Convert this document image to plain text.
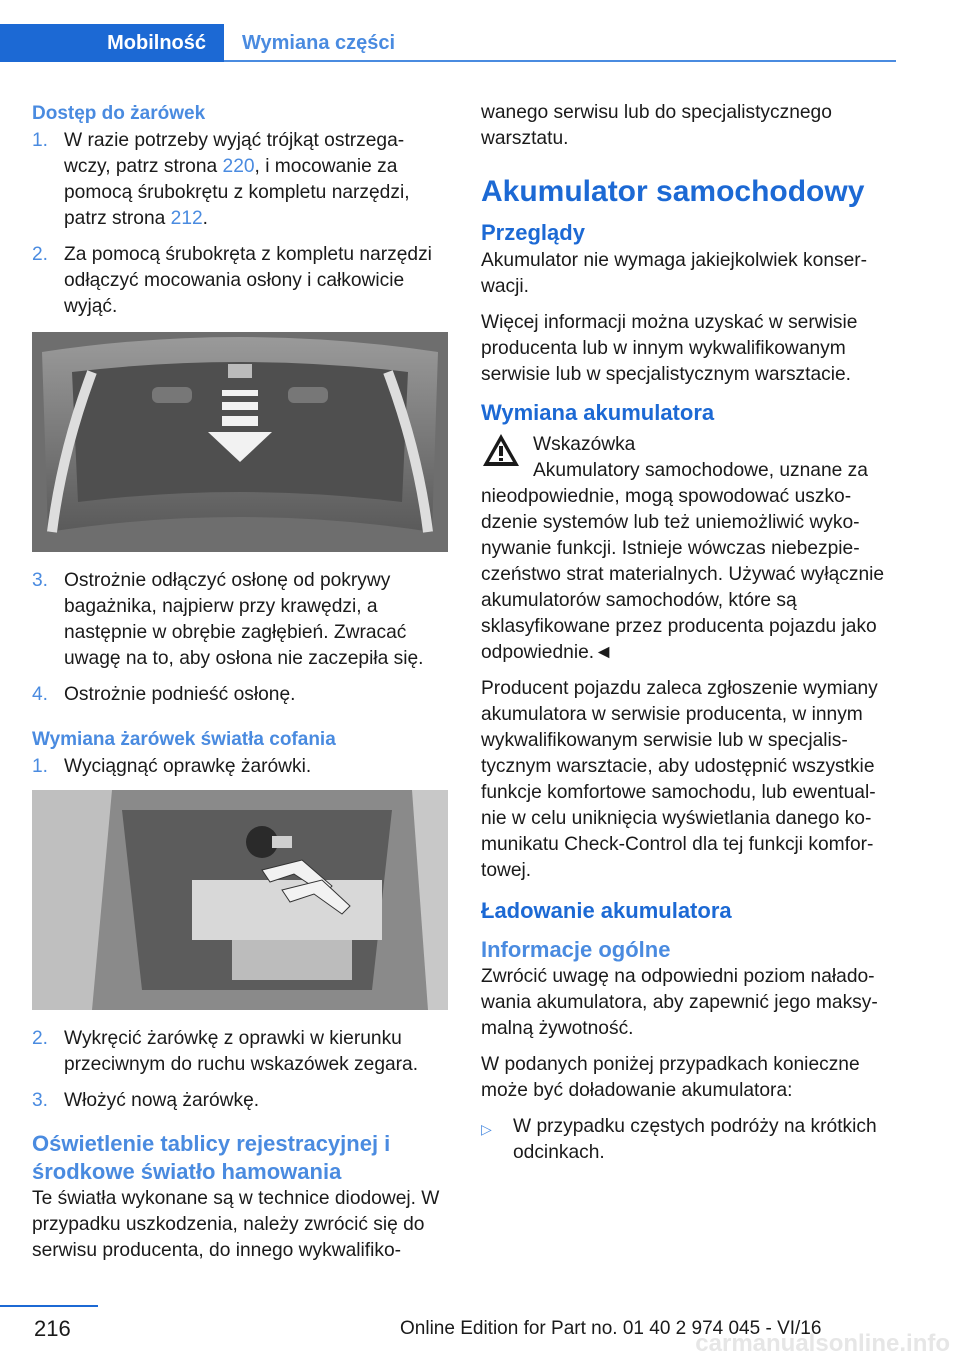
Mobilność	Wymiana części
Dostęp do żarówek
1. W razie potrzeby wyjąć trójkąt ostrzega-wczy, patrz strona 220, i mocowanie za pomocą śrubokrętu z kompletu narzędzi, patrz strona 212.
2. Za pomocą śrubokręta z kompletu narzędzi odłączyć mocowania osłony i całkowicie wyjąć.
3. Ostrożnie odłączyć osłonę od pokrywy bagażnika, najpierw przy krawędzi, a następnie w obrębie zagłębień. Zwracać uwagę na to, aby osłona nie zaczepiła się.
4. Ostrożnie podnieść osłonę.
Wymiana żarówek światła cofania
1. Wyciągnąć oprawkę żarówki.
2. Wykręcić żarówkę z oprawki w kierunku przeciwnym do ruchu wskazówek zegara.
3. Włożyć nową żarówkę.
Oświetlenie tablicy rejestracyjnej i środkowe światło hamowania

Te światła wykonane są w technice diodowej. W przypadku uszkodzenia, należy zwrócić się do serwisu producenta, do innego wykwalifiko-

wanego serwisu lub do specjalistycznego warsztatu.

Akumulator samochodowy
Przeglądy

Akumulator nie wymaga jakiejkolwiek konser-wacji.

Więcej informacji można uzyskać w serwisie producenta lub w innym wykwalifikowanym serwisie lub w specjalistycznym warsztacie.

Wymiana akumulatora
Wskazówka
Akumulatory samochodowe, uznane za

nieodpowiednie, mogą spowodować uszko-dzenie systemów lub też uniemożliwić wyko-nywanie funkcji. Istnieje wówczas niebezpie-czeństwo strat materialnych. Używać wyłącznie akumulatorów samochodów, które są sklasyfikowane przez producenta pojazdu jako odpowiednie.◄

Producent pojazdu zaleca zgłoszenie wymiany akumulatora w serwisie producenta, w innym wykwalifikowanym serwisie lub w specjalis-tycznym warsztacie, aby udostępnić wszystkie funkcje komfortowe samochodu, lub ewentual-nie w celu uniknięcia wyświetlania danego ko-munikatu Check-Control dla tej funkcji komfor-towej.

Ładowanie akumulatora
Informacje ogólne

Zwrócić uwagę na odpowiedni poziom nałado-wania akumulatora, aby zapewnić jego maksy-malną żywotność.

W podanych poniżej przypadkach konieczne może być doładowanie akumulatora:

▷	W przypadku częstych podróży na krótkich odcinkach.
216	Online Edition for Part no. 01 40 2 974 045 - VI/16
carmanualsonline.info
